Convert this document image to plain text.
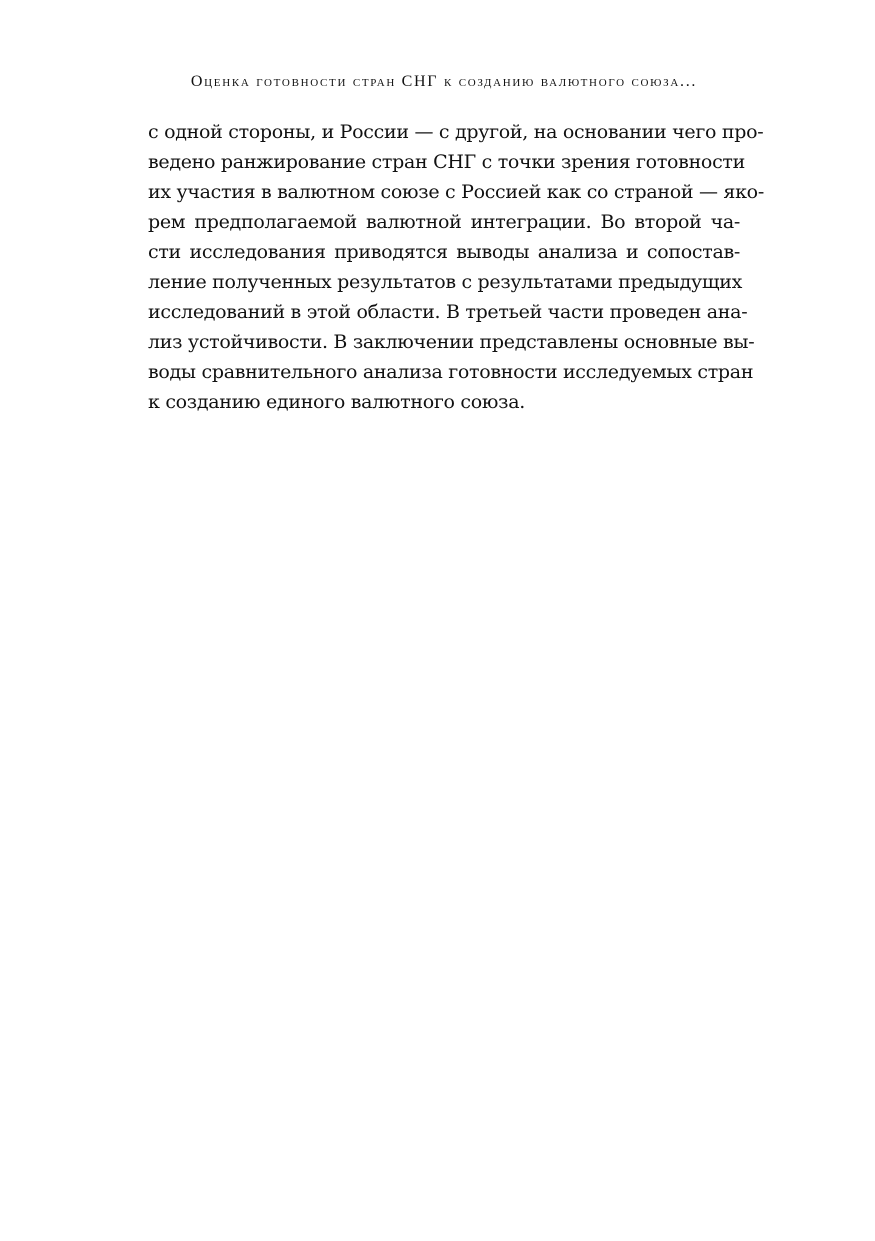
Оценка готовности стран СНГ к созданию валютного союза...
с одной стороны, и России — с другой, на основании чего про-
ведено ранжирование стран СНГ с точки зрения готовности
их участия в валютном союзе с Россией как со страной — яко-
рем предполагаемой валютной интеграции. Во второй ча-
сти исследования приводятся выводы анализа и сопостав-
ление полученных результатов с результатами предыдущих
исследований в этой области. В третьей части проведен ана-
лиз устойчивости. В заключении представлены основные вы-
воды сравнительного анализа готовности исследуемых стран
к созданию единого валютного союза.
